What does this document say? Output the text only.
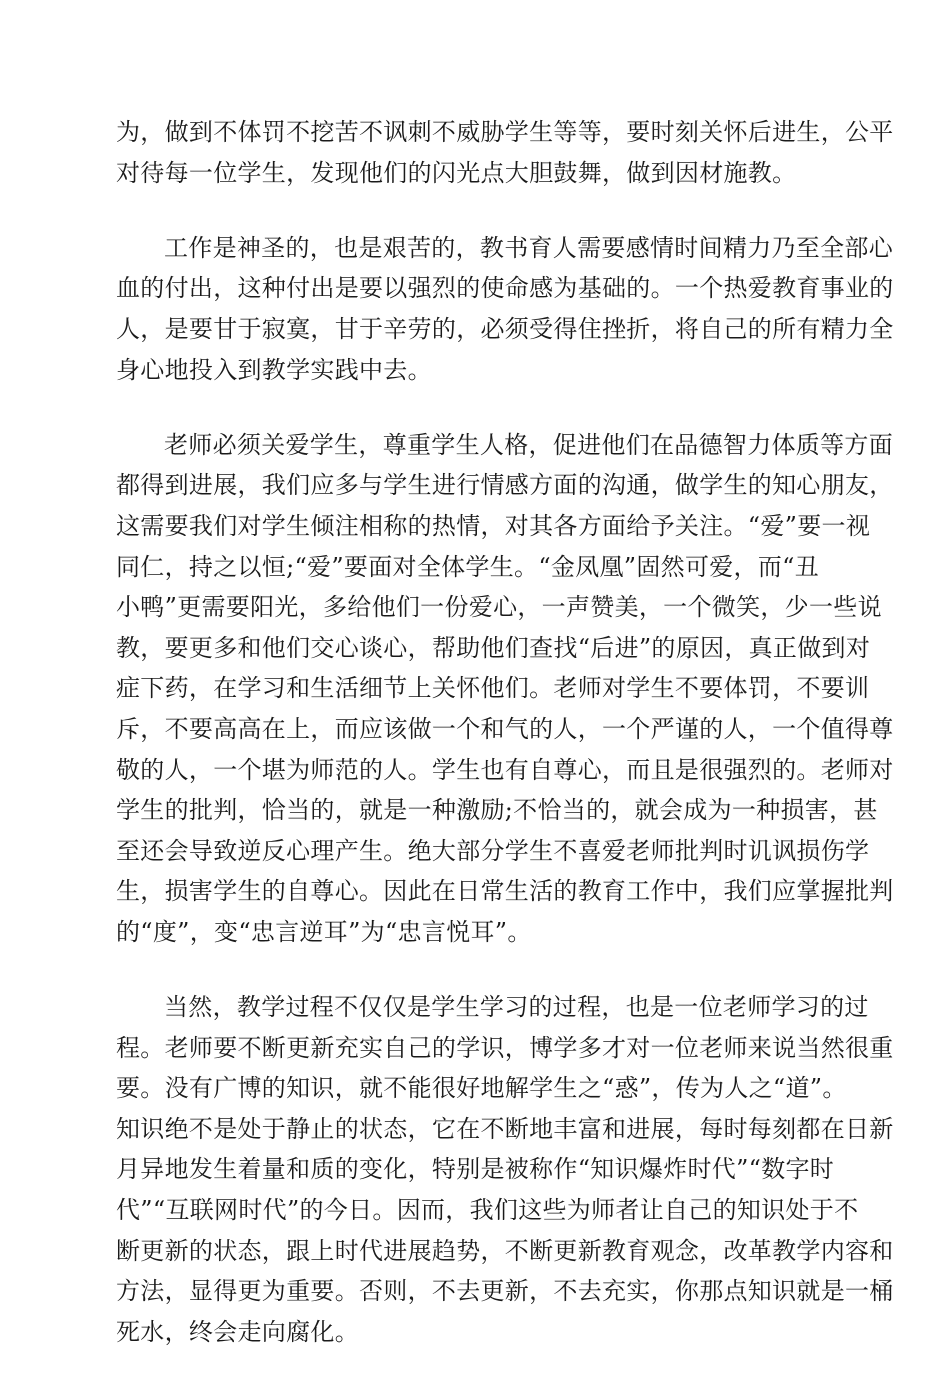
为，做到不体罚不挖苦不讽刺不威胁学生等等，要时刻关怀后进生，公平
对待每一位学生，发现他们的闪光点大胆鼓舞，做到因材施教。

工作是神圣的，也是艰苦的，教书育人需要感情时间精力乃至全部心
血的付出，这种付出是要以强烈的使命感为基础的。一个热爱教育事业的
人，是要甘于寂寞，甘于辛劳的，必须受得住挫折，将自己的所有精力全
身心地投入到教学实践中去。

老师必须关爱学生，尊重学生人格，促进他们在品德智力体质等方面
都得到进展，我们应多与学生进行情感方面的沟通，做学生的知心朋友，
这需要我们对学生倾注相称的热情，对其各方面给予关注。“爱”要一视
同仁，持之以恒;“爱”要面对全体学生。“金凤凰”固然可爱，而“丑
小鸭”更需要阳光，多给他们一份爱心，一声赞美，一个微笑，少一些说
教，要更多和他们交心谈心，帮助他们查找“后进”的原因，真正做到对
症下药，在学习和生活细节上关怀他们。老师对学生不要体罚，不要训
斥，不要高高在上，而应该做一个和气的人，一个严谨的人，一个值得尊
敬的人，一个堪为师范的人。学生也有自尊心，而且是很强烈的。老师对
学生的批判，恰当的，就是一种激励;不恰当的，就会成为一种损害，甚
至还会导致逆反心理产生。绝大部分学生不喜爱老师批判时讥讽损伤学
生，损害学生的自尊心。因此在日常生活的教育工作中，我们应掌握批判
的“度”，变“忠言逆耳”为“忠言悦耳”。

当然，教学过程不仅仅是学生学习的过程，也是一位老师学习的过
程。老师要不断更新充实自己的学识，博学多才对一位老师来说当然很重
要。没有广博的知识，就不能很好地解学生之“惑”，传为人之“道”。
知识绝不是处于静止的状态，它在不断地丰富和进展，每时每刻都在日新
月异地发生着量和质的变化，特别是被称作“知识爆炸时代”“数字时
代”“互联网时代”的今日。因而，我们这些为师者让自己的知识处于不
断更新的状态，跟上时代进展趋势，不断更新教育观念，改革教学内容和
方法，显得更为重要。否则，不去更新，不去充实，你那点知识就是一桶
死水，终会走向腐化。
